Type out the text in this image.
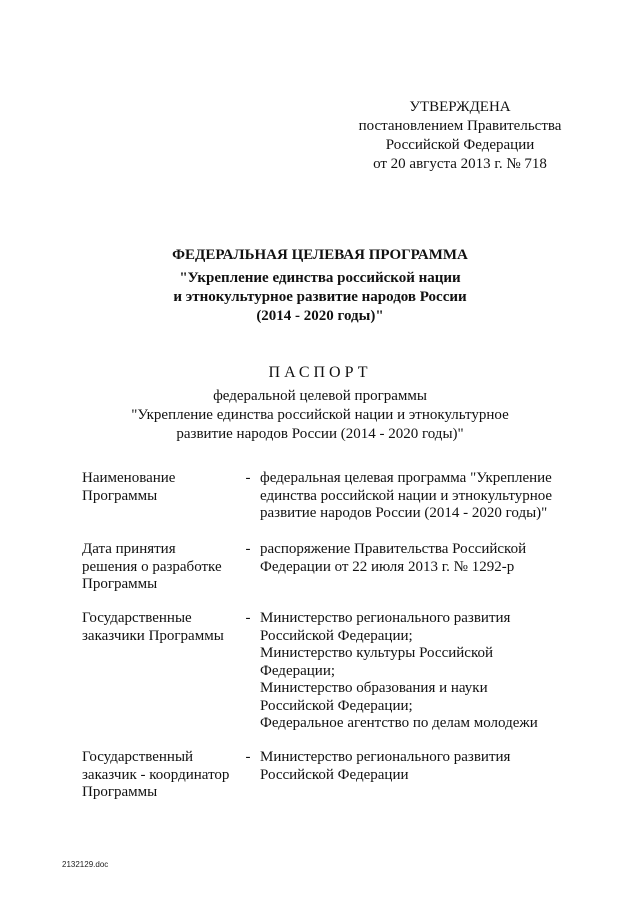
УТВЕРЖДЕНА
постановлением Правительства
Российской Федерации
от 20 августа 2013 г. № 718
ФЕДЕРАЛЬНАЯ ЦЕЛЕВАЯ ПРОГРАММА
"Укрепление единства российской нации
и этнокультурное развитие народов России
(2014 - 2020 годы)"
ПАСПОРТ
федеральной целевой программы
"Укрепление единства российской нации и этнокультурное
развитие народов России (2014 - 2020 годы)"
Наименование
Программы
- федеральная целевая программа "Укрепление
единства российской нации и этнокультурное
развитие народов России (2014 - 2020 годы)"
Дата принятия
решения о разработке
Программы
- распоряжение Правительства Российской
Федерации от 22 июля 2013 г. № 1292-р
Государственные
заказчики Программы
- Министерство регионального развития
Российской Федерации;
Министерство культуры Российской
Федерации;
Министерство образования и науки
Российской Федерации;
Федеральное агентство по делам молодежи
Государственный
заказчик - координатор
Программы
- Министерство регионального развития
Российской Федерации
2132129.doc
